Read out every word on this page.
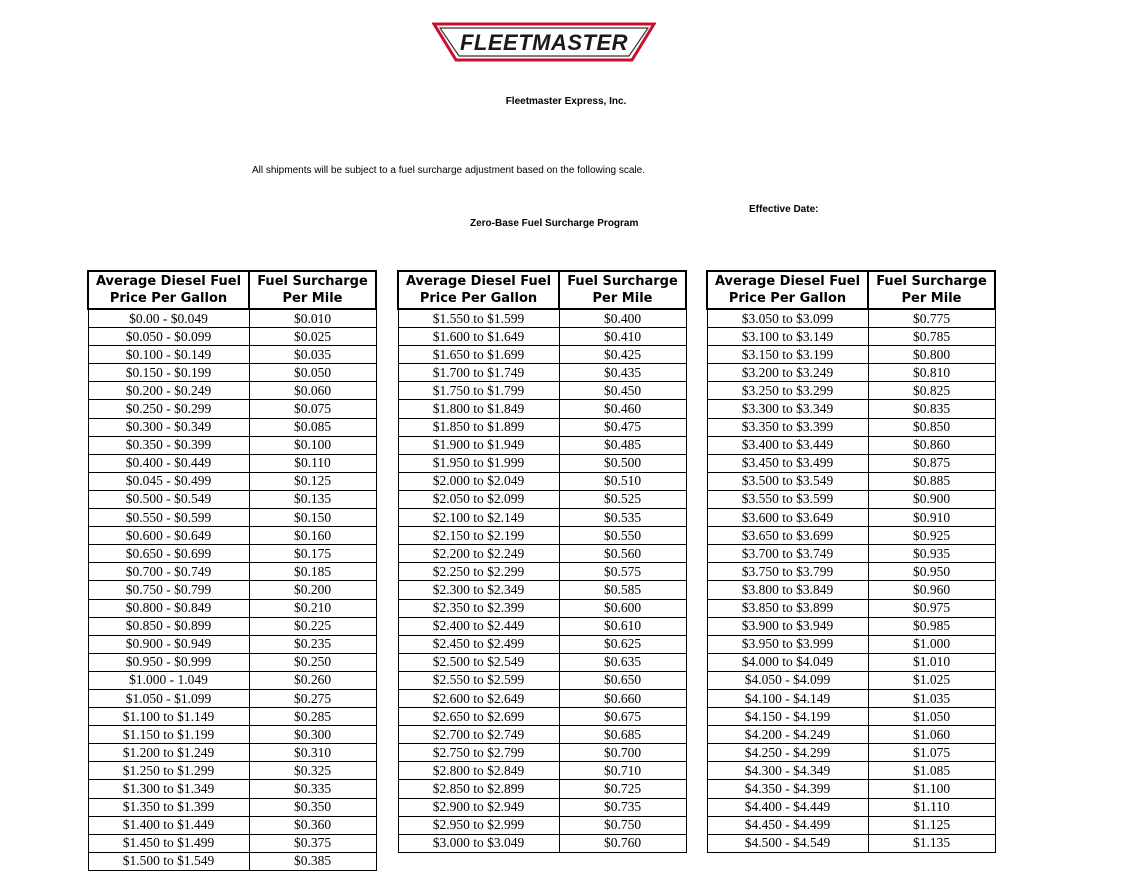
FLEETMASTER
Fleetmaster Express, Inc.
All shipments will be subject to a fuel surcharge adjustment based on the following scale.
Effective Date:
Zero-Base Fuel Surcharge Program
Average Diesel Fuel
Price Per Gallon	Fuel Surcharge
Per Mile
$0.00 - $0.049	$0.010
$0.050 - $0.099	$0.025
$0.100 - $0.149	$0.035
$0.150 - $0.199	$0.050
$0.200 - $0.249	$0.060
$0.250 - $0.299	$0.075
$0.300 - $0.349	$0.085
$0.350 - $0.399	$0.100
$0.400 - $0.449	$0.110
$0.045 - $0.499	$0.125
$0.500 - $0.549	$0.135
$0.550 - $0.599	$0.150
$0.600 - $0.649	$0.160
$0.650 - $0.699	$0.175
$0.700 - $0.749	$0.185
$0.750 - $0.799	$0.200
$0.800 - $0.849	$0.210
$0.850 - $0.899	$0.225
$0.900 - $0.949	$0.235
$0.950 - $0.999	$0.250
$1.000 - 1.049	$0.260
$1.050 - $1.099	$0.275
$1.100 to $1.149	$0.285
$1.150 to $1.199	$0.300
$1.200 to $1.249	$0.310
$1.250 to $1.299	$0.325
$1.300 to $1.349	$0.335
$1.350 to $1.399	$0.350
$1.400 to $1.449	$0.360
$1.450 to $1.499	$0.375
$1.500 to $1.549	$0.385
Average Diesel Fuel
Price Per Gallon	Fuel Surcharge
Per Mile
$1.550 to $1.599	$0.400
$1.600 to $1.649	$0.410
$1.650 to $1.699	$0.425
$1.700 to $1.749	$0.435
$1.750 to $1.799	$0.450
$1.800 to $1.849	$0.460
$1.850 to $1.899	$0.475
$1.900 to $1.949	$0.485
$1.950 to $1.999	$0.500
$2.000 to $2.049	$0.510
$2.050 to $2.099	$0.525
$2.100 to $2.149	$0.535
$2.150 to $2.199	$0.550
$2.200 to $2.249	$0.560
$2.250 to $2.299	$0.575
$2.300 to $2.349	$0.585
$2.350 to $2.399	$0.600
$2.400 to $2.449	$0.610
$2.450 to $2.499	$0.625
$2.500 to $2.549	$0.635
$2.550 to $2.599	$0.650
$2.600 to $2.649	$0.660
$2.650 to $2.699	$0.675
$2.700 to $2.749	$0.685
$2.750 to $2.799	$0.700
$2.800 to $2.849	$0.710
$2.850 to $2.899	$0.725
$2.900 to $2.949	$0.735
$2.950 to $2.999	$0.750
$3.000 to $3.049	$0.760
Average Diesel Fuel
Price Per Gallon	Fuel Surcharge
Per Mile
$3.050 to $3.099	$0.775
$3.100 to $3.149	$0.785
$3.150 to $3.199	$0.800
$3.200 to $3.249	$0.810
$3.250 to $3.299	$0.825
$3.300 to $3.349	$0.835
$3.350 to $3.399	$0.850
$3.400 to $3.449	$0.860
$3.450 to $3.499	$0.875
$3.500 to $3.549	$0.885
$3.550 to $3.599	$0.900
$3.600 to $3.649	$0.910
$3.650 to $3.699	$0.925
$3.700 to $3.749	$0.935
$3.750 to $3.799	$0.950
$3.800 to $3.849	$0.960
$3.850 to $3.899	$0.975
$3.900 to $3.949	$0.985
$3.950 to $3.999	$1.000
$4.000 to $4.049	$1.010
$4.050 - $4.099	$1.025
$4.100 - $4.149	$1.035
$4.150 - $4.199	$1.050
$4.200 - $4.249	$1.060
$4.250 - $4.299	$1.075
$4.300 - $4.349	$1.085
$4.350 - $4.399	$1.100
$4.400 - $4.449	$1.110
$4.450 - $4.499	$1.125
$4.500 - $4.549	$1.135
